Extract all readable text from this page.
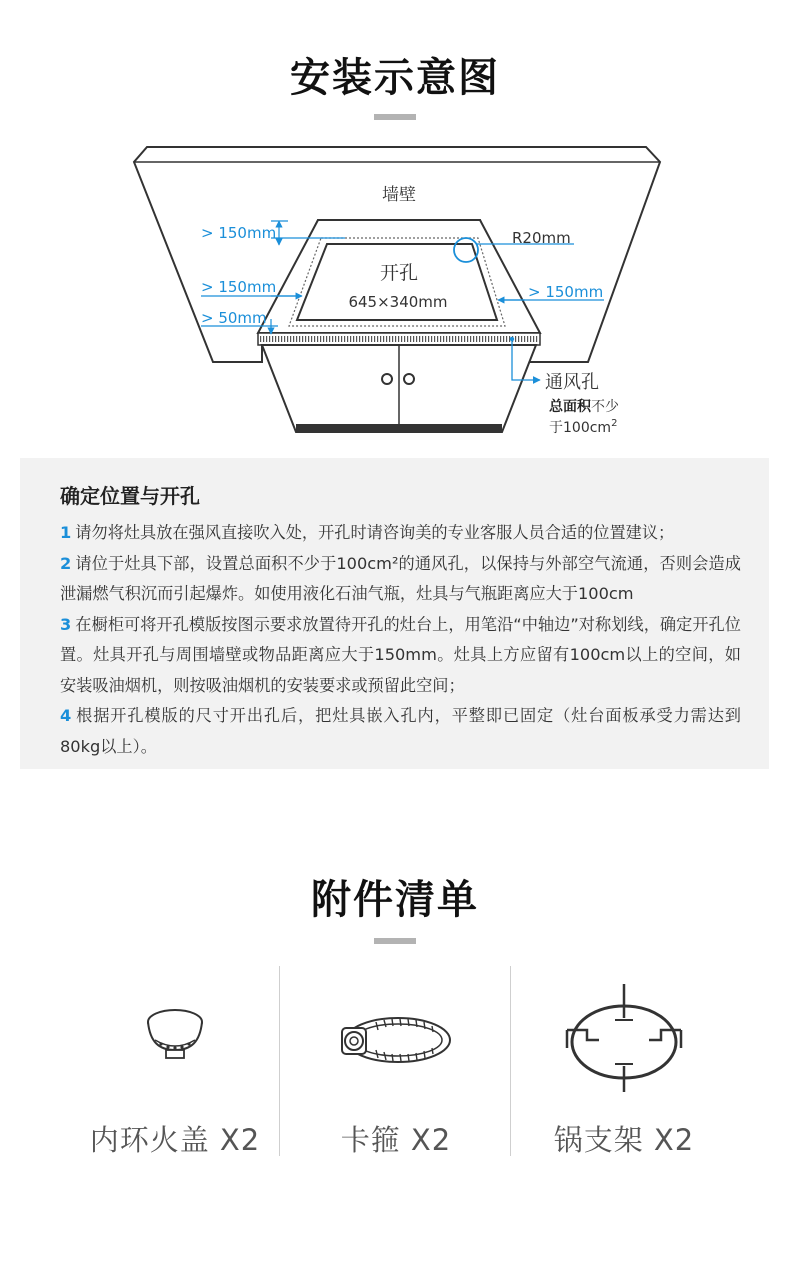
安装示意图
墙壁
> 150mm
> 150mm
> 50mm
> 150mm
R20mm
开孔
645×340mm
通风孔
总面积不少
于$100cm^2$
确定位置与开孔

1 请勿将灶具放在强风直接吹入处，开孔时请咨询美的专业客服人员合适的位置建议；

2 请位于灶具下部，设置总面积不少于100cm²的通风孔，以保持与外部空气流通，否则会造成泄漏燃气积沉而引起爆炸。如使用液化石油气瓶，灶具与气瓶距离应大于100cm

3 在橱柜可将开孔模版按图示要求放置待开孔的灶台上，用笔沿“中轴边”对称划线，确定开孔位置。灶具开孔与周围墙壁或物品距离应大于150mm。灶具上方应留有100cm以上的空间，如安装吸油烟机，则按吸油烟机的安装要求或预留此空间；

4 根据开孔模版的尺寸开出孔后，把灶具嵌入孔内，平整即已固定（灶台面板承受力需达到80kg以上）。

附件清单
内环火盖 X2	卡箍 X2	锅支架 X2
